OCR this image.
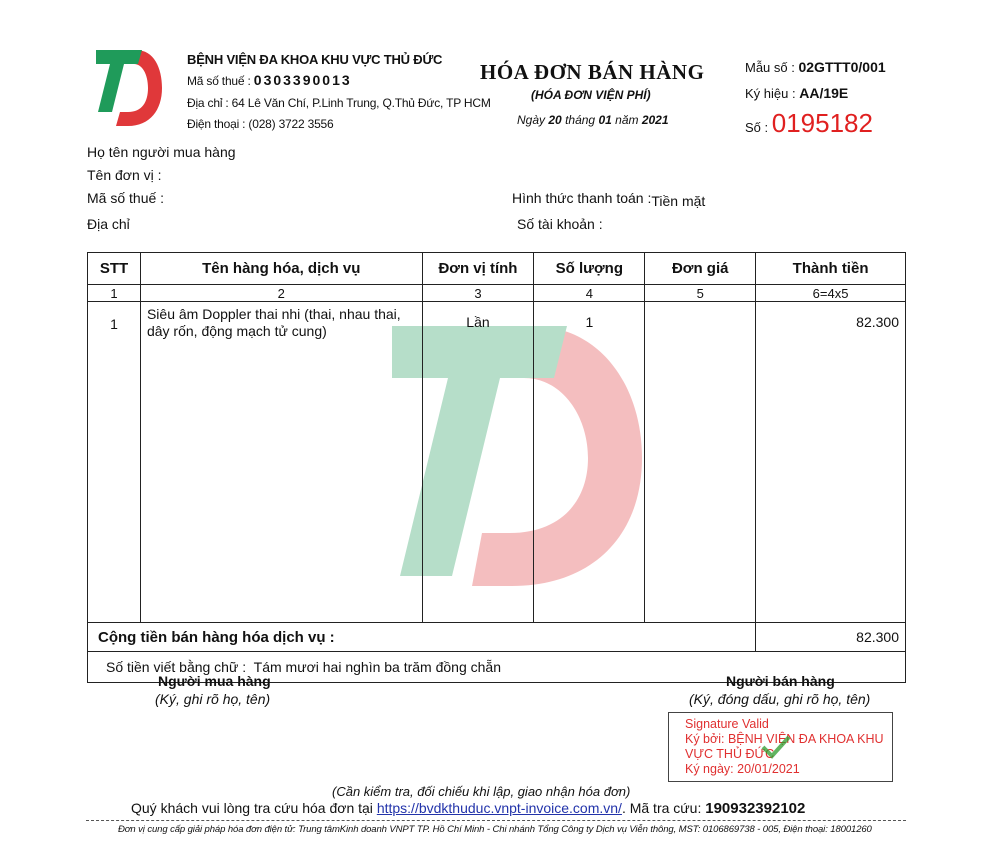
BỆNH VIỆN ĐA KHOA KHU VỰC THỦ ĐỨC
Mã số thuế : 0303390013
Địa chỉ : 64 Lê Văn Chí, P.Linh Trung, Q.Thủ Đức, TP HCM
Điện thoại : (028) 3722 3556
HÓA ĐƠN BÁN HÀNG
(HÓA ĐƠN VIỆN PHÍ)
Ngày 20 tháng 01 năm 2021
Mẫu số : 02GTTT0/001
Ký hiệu : AA/19E
Số : 0195182
Họ tên người mua hàng
Tên đơn vị :
Mã số thuế :
Địa chỉ
Hình thức thanh toán :Tiền mặt
Số tài khoản :
STT	Tên hàng hóa, dịch vụ	Đơn vị tính	Số lượng	Đơn giá	Thành tiền
1	2	3	4	5	6=4x5
1	Siêu âm Doppler thai nhi (thai, nhau thai, dây rốn, động mạch tử cung)	Lần	1		82.300
Cộng tiền bán hàng hóa dịch vụ :					82.300
Số tiền viết bằng chữ : Tám mươi hai nghìn ba trăm đồng chẵn					
Người mua hàng
(Ký, ghi rõ họ, tên)
Người bán hàng
(Ký, đóng dấu, ghi rõ họ, tên)
Signature Valid
Ký bởi: BỆNH VIỆN ĐA KHOA KHU VỰC THỦ ĐỨC
Ký ngày: 20/01/2021
(Cần kiểm tra, đối chiếu khi lập, giao nhận hóa đơn)
Quý khách vui lòng tra cứu hóa đơn tại https://bvdkthuduc.vnpt-invoice.com.vn/. Mã tra cứu: 190932392102
Đơn vị cung cấp giải pháp hóa đơn điện tử: Trung tâmKinh doanh VNPT TP. Hồ Chí Minh - Chi nhánh Tổng Công ty Dịch vụ Viễn thông, MST: 0106869738 - 005, Điện thoại: 18001260
